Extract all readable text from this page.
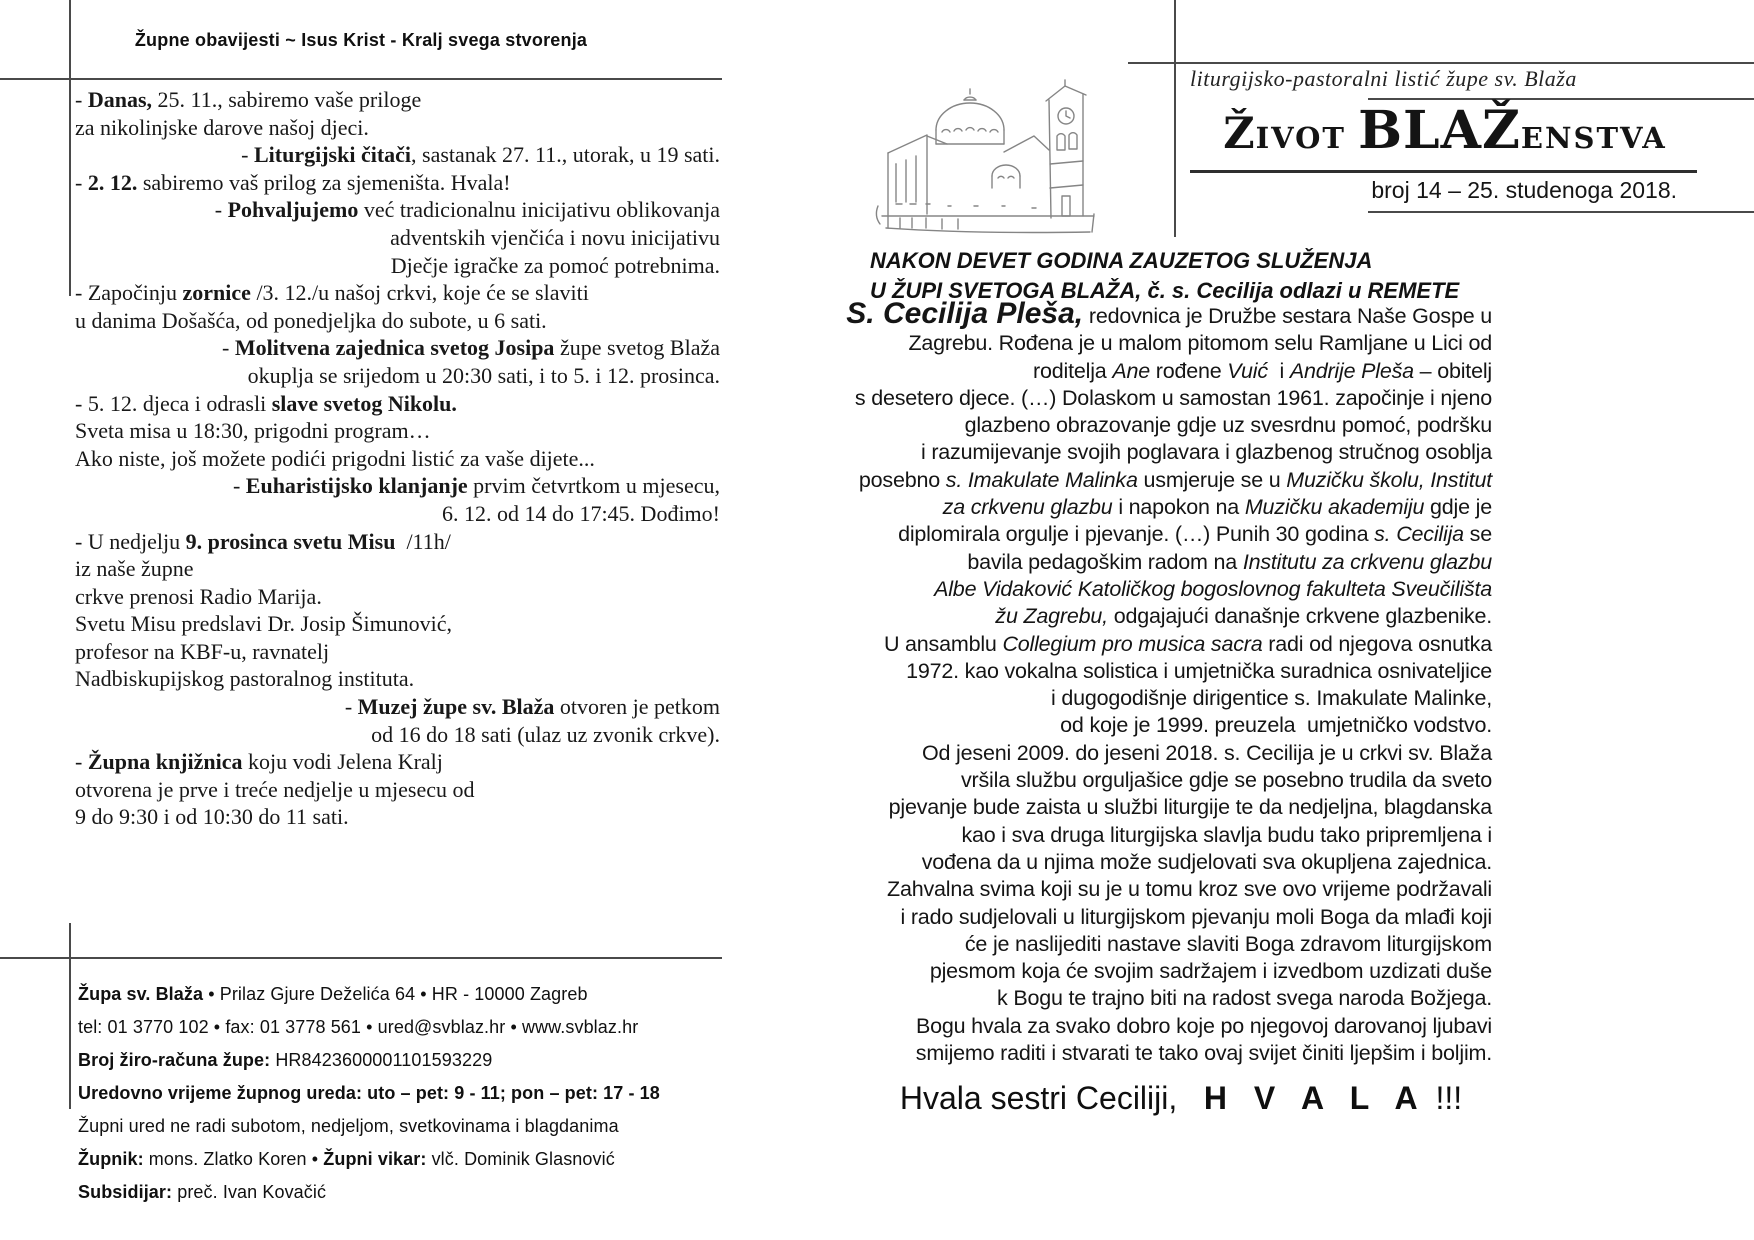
Župne obavijesti ~ Isus Krist - Kralj svega stvorenja
- Danas, 25. 11., sabiremo vaše priloge
za nikolinjske darove našoj djeci.
- Liturgijski čitači, sastanak 27. 11., utorak, u 19 sati.
- 2. 12. sabiremo vaš prilog za sjemeništa. Hvala!
- Pohvaljujemo već tradicionalnu inicijativu oblikovanja
adventskih vjenčića i novu inicijativu
Dječje igračke za pomoć potrebnima.
- Započinju zornice /3. 12./u našoj crkvi, koje će se slaviti
u danima Došašća, od ponedjeljka do subote, u 6 sati.
- Molitvena zajednica svetog Josipa župe svetog Blaža
okuplja se srijedom u 20:30 sati, i to 5. i 12. prosinca.
- 5. 12. djeca i odrasli slave svetog Nikolu.
Sveta misa u 18:30, prigodni program…
Ako niste, još možete podići prigodni listić za vaše dijete...
- Euharistijsko klanjanje prvim četvrtkom u mjesecu,
6. 12. od 14 do 17:45. Dođimo!
- U nedjelju 9. prosinca svetu Misu  /11h/
iz naše župne
crkve prenosi Radio Marija.
Svetu Misu predslavi Dr. Josip Šimunović,
profesor na KBF-u, ravnatelj
Nadbiskupijskog pastoralnog instituta.
- Muzej župe sv. Blaža otvoren je petkom
od 16 do 18 sati (ulaz uz zvonik crkve).
- Župna knjižnica koju vodi Jelena Kralj
otvorena je prve i treće nedjelje u mjesecu od
9 do 9:30 i od 10:30 do 11 sati.
Župa sv. Blaža • Prilaz Gjure Deželića 64 • HR - 10000 Zagreb
tel: 01 3770 102 • fax: 01 3778 561 • ured@svblaz.hr • www.svblaz.hr
Broj žiro-računa župe: HR8423600001101593229
Uredovno vrijeme župnog ureda: uto – pet: 9 - 11; pon – pet: 17 - 18
Župni ured ne radi subotom, nedjeljom, svetkovinama i blagdanima
Župnik: mons. Zlatko Koren • Župni vikar: vlč. Dominik Glasnović
Subsidijar: preč. Ivan Kovačić
liturgijsko-pastoralni listić župe sv. Blaža
ŽIVOT BLAŽENSTVA
broj 14 – 25. studenoga 2018.
NAKON DEVET GODINA ZAUZETOG SLUŽENJA
U ŽUPI SVETOGA BLAŽA, č. s. Cecilija odlazi u REMETE
S. Cecilija Pleša, redovnica je Družbe sestara Naše Gospe u
Zagrebu. Rođena je u malom pitomom selu Ramljane u Lici od
roditelja Ane rođene Vuić  i Andrije Pleša – obitelj
s desetero djece. (…) Dolaskom u samostan 1961. započinje i njeno
glazbeno obrazovanje gdje uz svesrdnu pomoć, podršku
i razumijevanje svojih poglavara i glazbenog stručnog osoblja
posebno s. Imakulate Malinka usmjeruje se u Muzičku školu, Institut
za crkvenu glazbu i napokon na Muzičku akademiju gdje je
diplomirala orgulje i pjevanje. (…) Punih 30 godina s. Cecilija se
bavila pedagoškim radom na Institutu za crkvenu glazbu
Albe Vidaković Katoličkog bogoslovnog fakulteta Sveučilišta
žu Zagrebu, odgajajući današnje crkvene glazbenike.
U ansamblu Collegium pro musica sacra radi od njegova osnutka
1972. kao vokalna solistica i umjetnička suradnica osnivateljice
i dugogodišnje dirigentice s. Imakulate Malinke,
od koje je 1999. preuzela  umjetničko vodstvo.
Od jeseni 2009. do jeseni 2018. s. Cecilija je u crkvi sv. Blaža
vršila službu orguljašice gdje se posebno trudila da sveto
pjevanje bude zaista u službi liturgije te da nedjeljna, blagdanska
kao i sva druga liturgijska slavlja budu tako pripremljena i
vođena da u njima može sudjelovati sva okupljena zajednica.
Zahvalna svima koji su je u tomu kroz sve ovo vrijeme podržavali
i rado sudjelovali u liturgijskom pjevanju moli Boga da mlađi koji
će je naslijediti nastave slaviti Boga zdravom liturgijskom
pjesmom koja će svojim sadržajem i izvedbom uzdizati duše
k Bogu te trajno biti na radost svega naroda Božjega.
Bogu hvala za svako dobro koje po njegovoj darovanoj ljubavi
smijemo raditi i stvarati te tako ovaj svijet činiti ljepšim i boljim.
Hvala sestri Ceciliji,   H V A L A !!!
